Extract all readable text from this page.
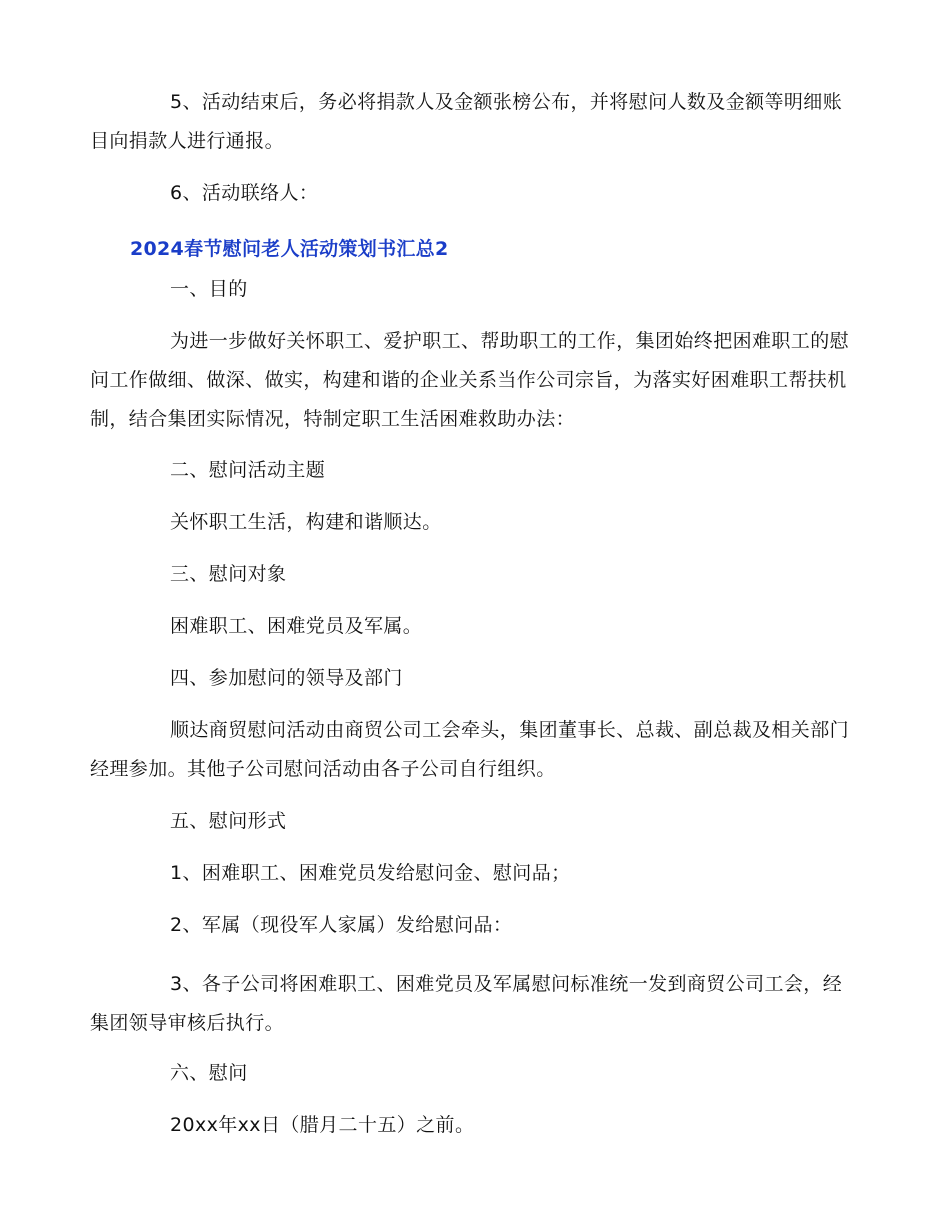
5、活动结束后，务必将捐款人及金额张榜公布，并将慰问人数及金额等明细账目向捐款人进行通报。

6、活动联络人：

2024春节慰问老人活动策划书汇总2

一、目的

为进一步做好关怀职工、爱护职工、帮助职工的工作，集团始终把困难职工的慰问工作做细、做深、做实，构建和谐的企业关系当作公司宗旨，为落实好困难职工帮扶机制，结合集团实际情况，特制定职工生活困难救助办法：

二、慰问活动主题

关怀职工生活，构建和谐顺达。

三、慰问对象

困难职工、困难党员及军属。

四、参加慰问的领导及部门

顺达商贸慰问活动由商贸公司工会牵头，集团董事长、总裁、副总裁及相关部门经理参加。其他子公司慰问活动由各子公司自行组织。

五、慰问形式

1、困难职工、困难党员发给慰问金、慰问品；

2、军属（现役军人家属）发给慰问品：

3、各子公司将困难职工、困难党员及军属慰问标准统一发到商贸公司工会，经集团领导审核后执行。

六、慰问

20xx年xx日（腊月二十五）之前。
